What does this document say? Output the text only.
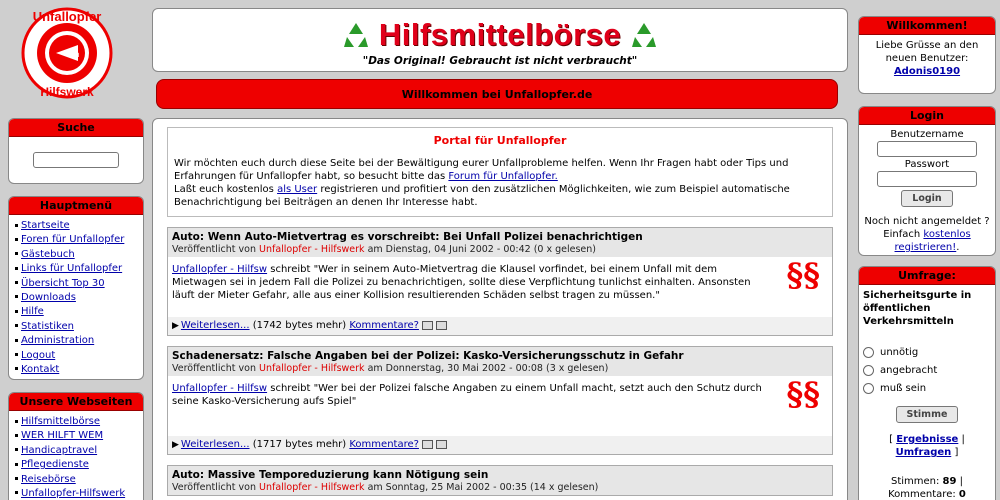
Unfallopfer
Hilfswerk
cfh
Suche
Hauptmenü
Startseite
Foren für Unfallopfer
Gästebuch
Links für Unfallopfer
Übersicht Top 30
Downloads
Hilfe
Statistiken
Administration
Logout
Kontakt
Unsere Webseiten
Hilfsmittelbörse
WER HILFT WEM
Handicaptravel
Pflegedienste
Reisebörse
Unfallopfer-Hilfswerk
Hilfsmittelbörse
"Das Original! Gebraucht ist nicht verbraucht"
Willkommen bei Unfallopfer.de
Portal für Unfallopfer

Wir möchten euch durch diese Seite bei der Bewältigung eurer Unfallprobleme helfen. Wenn Ihr Fragen habt oder Tips und Erfahrungen für Unfallopfer habt, so besucht bitte das Forum für Unfallopfer.
Laßt euch kostenlos als User registrieren und profitiert von den zusätzlichen Möglichkeiten, wie zum Beispiel automatische Benachrichtigung bei Beiträgen an denen Ihr Interesse habt.

Auto: Wenn Auto-Mietvertrag es vorschreibt: Bei Unfall Polizei benachrichtigen
Veröffentlicht von Unfallopfer - Hilfswerk am Dienstag, 04 Juni 2002 - 00:42 (0 x gelesen)
Unfallopfer - Hilfsw schreibt "Wer in seinem Auto-Mietvertrag die Klausel vorfindet, bei einem Unfall mit dem Mietwagen sei in jedem Fall die Polizei zu benachrichtigen, sollte diese Verpflichtung tunlichst einhalten. Ansonsten läuft der Mieter Gefahr, alle aus einer Kollision resultierenden Schäden selbst tragen zu müssen."
§§
▶ Weiterlesen... (1742 bytes mehr) Kommentare?
Schadenersatz: Falsche Angaben bei der Polizei: Kasko-Versicherungsschutz in Gefahr
Veröffentlicht von Unfallopfer - Hilfswerk am Donnerstag, 30 Mai 2002 - 00:08 (3 x gelesen)
Unfallopfer - Hilfsw schreibt "Wer bei der Polizei falsche Angaben zu einem Unfall macht, setzt auch den Schutz durch seine Kasko-Versicherung aufs Spiel"	§§
▶ Weiterlesen... (1717 bytes mehr) Kommentare?
Auto: Massive Temporeduzierung kann Nötigung sein
Veröffentlicht von Unfallopfer - Hilfswerk am Sonntag, 25 Mai 2002 - 00:35 (14 x gelesen)
Willkommen!
Liebe Grüsse an den neuen Benutzer:
Adonis0190
Login
Benutzername
Passwort
Login
Noch nicht angemeldet ? Einfach kostenlos registrieren!.
Umfrage:
Sicherheitsgurte in öffentlichen Verkehrsmitteln
unnötig
angebracht
muß sein
Stimme
[ Ergebnisse | Umfragen ]
Stimmen: 89 |
Kommentare: 0
